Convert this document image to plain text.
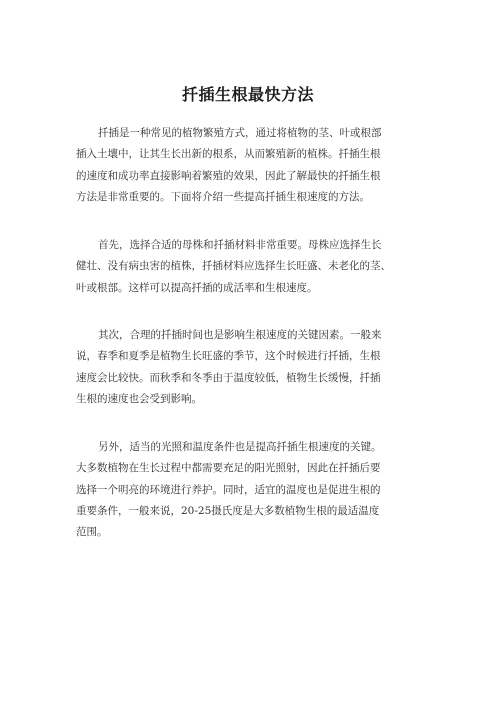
扦插生根最快方法
扦插是一种常见的植物繁殖方式，通过将植物的茎、叶或根部
插入土壤中，让其生长出新的根系，从而繁殖新的植株。扦插生根
的速度和成功率直接影响着繁殖的效果，因此了解最快的扦插生根
方法是非常重要的。下面将介绍一些提高扦插生根速度的方法。
首先，选择合适的母株和扦插材料非常重要。母株应选择生长
健壮、没有病虫害的植株，扦插材料应选择生长旺盛、未老化的茎、
叶或根部。这样可以提高扦插的成活率和生根速度。
其次，合理的扦插时间也是影响生根速度的关键因素。一般来
说，春季和夏季是植物生长旺盛的季节，这个时候进行扦插，生根
速度会比较快。而秋季和冬季由于温度较低，植物生长缓慢，扦插
生根的速度也会受到影响。
另外，适当的光照和温度条件也是提高扦插生根速度的关键。
大多数植物在生长过程中都需要充足的阳光照射，因此在扦插后要
选择一个明亮的环境进行养护。同时，适宜的温度也是促进生根的
重要条件，一般来说，20-25摄氏度是大多数植物生根的最适温度
范围。
